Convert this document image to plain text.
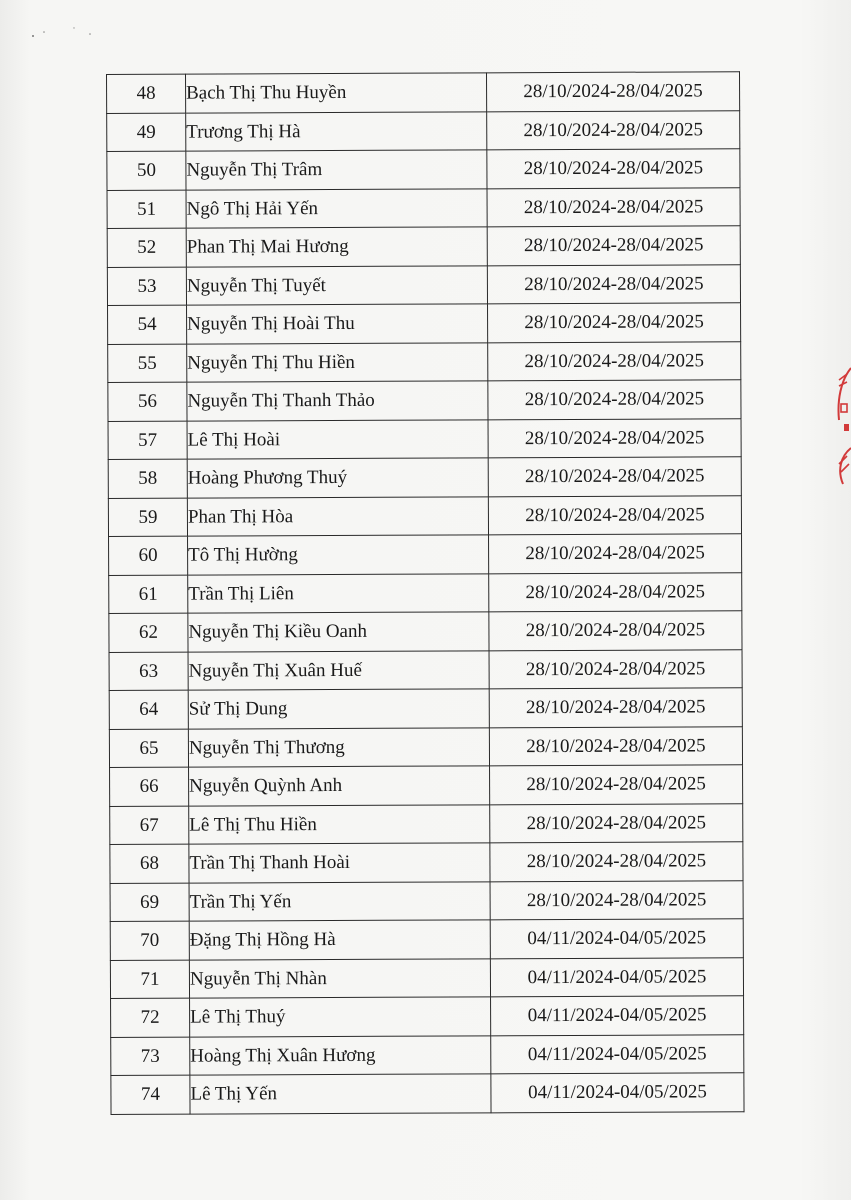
48	Bạch Thị Thu Huyền	28/10/2024-28/04/2025
49	Trương Thị Hà	28/10/2024-28/04/2025
50	Nguyễn Thị Trâm	28/10/2024-28/04/2025
51	Ngô Thị Hải Yến	28/10/2024-28/04/2025
52	Phan Thị Mai Hương	28/10/2024-28/04/2025
53	Nguyễn Thị Tuyết	28/10/2024-28/04/2025
54	Nguyễn Thị Hoài Thu	28/10/2024-28/04/2025
55	Nguyễn Thị Thu Hiền	28/10/2024-28/04/2025
56	Nguyễn Thị Thanh Thảo	28/10/2024-28/04/2025
57	Lê Thị Hoài	28/10/2024-28/04/2025
58	Hoàng Phương Thuý	28/10/2024-28/04/2025
59	Phan Thị Hòa	28/10/2024-28/04/2025
60	Tô Thị Hường	28/10/2024-28/04/2025
61	Trần Thị Liên	28/10/2024-28/04/2025
62	Nguyễn Thị Kiều Oanh	28/10/2024-28/04/2025
63	Nguyễn Thị Xuân Huế	28/10/2024-28/04/2025
64	Sử Thị Dung	28/10/2024-28/04/2025
65	Nguyễn Thị Thương	28/10/2024-28/04/2025
66	Nguyễn Quỳnh Anh	28/10/2024-28/04/2025
67	Lê Thị Thu Hiền	28/10/2024-28/04/2025
68	Trần Thị Thanh Hoài	28/10/2024-28/04/2025
69	Trần Thị Yến	28/10/2024-28/04/2025
70	Đặng Thị Hồng Hà	04/11/2024-04/05/2025
71	Nguyễn Thị Nhàn	04/11/2024-04/05/2025
72	Lê Thị Thuý	04/11/2024-04/05/2025
73	Hoàng Thị Xuân Hương	04/11/2024-04/05/2025
74	Lê Thị Yến	04/11/2024-04/05/2025
